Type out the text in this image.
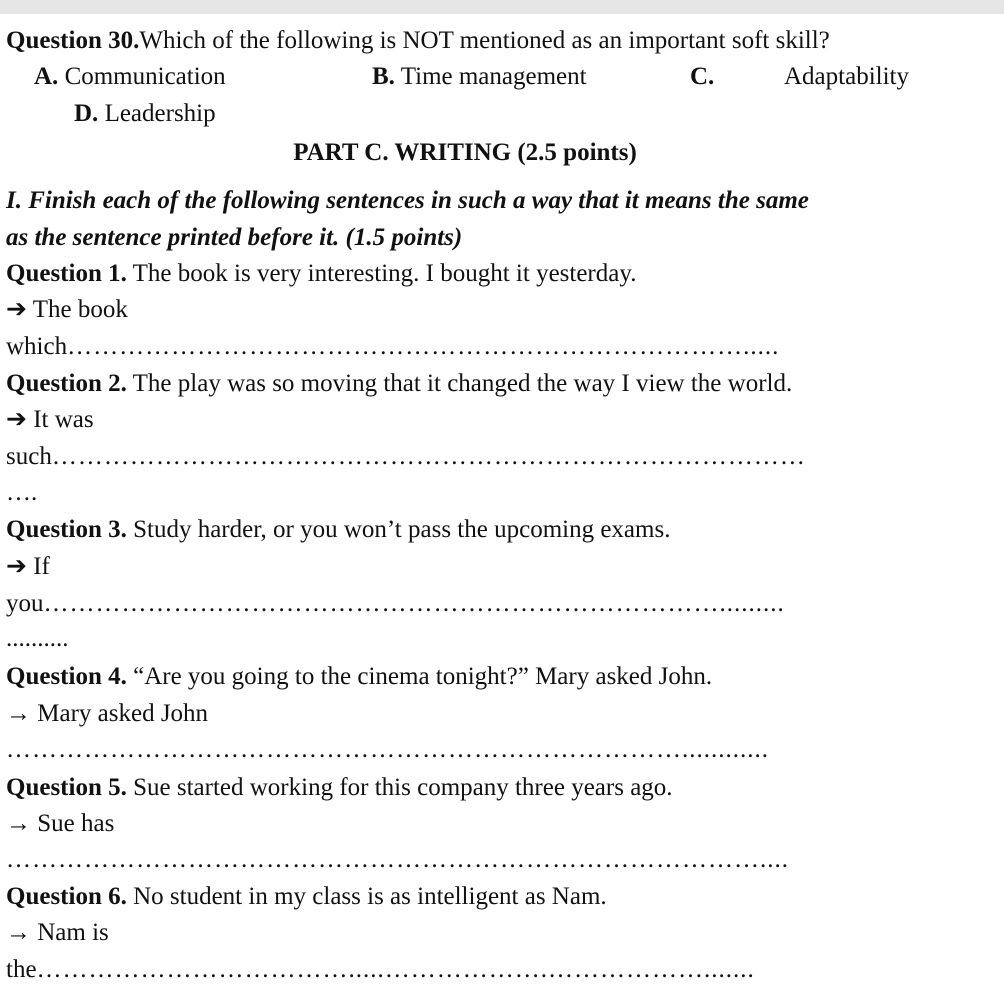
Question 30.Which of the following is NOT mentioned as an important soft skill?
A. Communication	B. Time management	C.	Adaptability
D. Leadership
PART C. WRITING (2.5 points)
I. Finish each of the following sentences in such a way that it means the same
as the sentence printed before it. (1.5 points)
Question 1. The book is very interesting. I bought it yesterday.
➔ The book
which…………………………………………………………………….....
Question 2. The play was so moving that it changed the way I view the world.
➔ It was
such……………………………………………………………………………
….
Question 3. Study harder, or you won’t pass the upcoming exams.
➔ If
you…………………………………………………………………….........
..........
Question 4. “Are you going to the cinema tonight?” Mary asked John.
→ Mary asked John
……………………………………………………………………............
Question 5. Sue started working for this company three years ago.
→ Sue has
……………………………………………………………………………....
Question 6. No student in my class is as intelligent as Nam.
→ Nam is
the……………………………….....……………….……………….......
